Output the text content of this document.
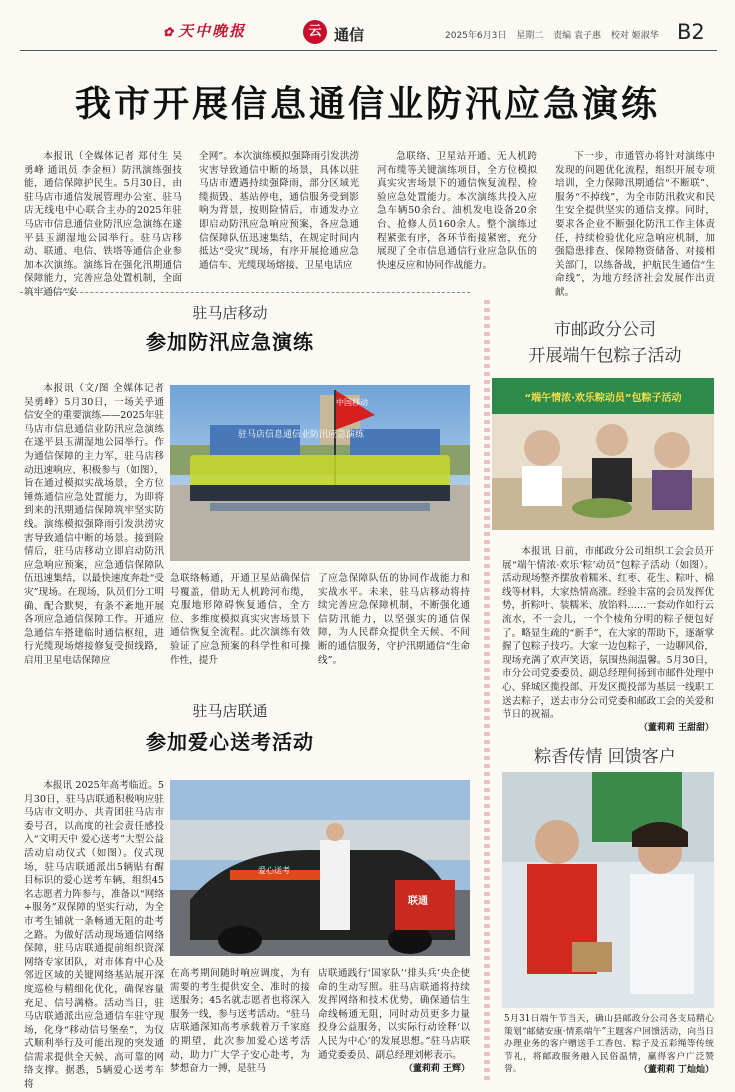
✿ 天中晚报	云 通信	2025年6月3日 星期二 责编 袁子惠 校对 姬淑华 B2
我市开展信息通信业防汛应急演练

本报讯（全媒体记者 郑付生 吴勇峰 通讯员 李金桓）防汛演练强技能，通信保障护民生。5月30日，由驻马店市通信发展管理办公室、驻马店无线电中心联合主办的2025年驻马店市信息通信业防汛应急演练在遂平县玉湖湿地公园举行。驻马店移动、联通、电信、铁塔等通信企业参加本次演练。演练旨在强化汛期通信保障能力，完善应急处置机制，全面筑牢通信“安

全网”。本次演练模拟强降雨引发洪涝灾害导致通信中断的场景，具体以驻马店市遭遇持续强降雨，部分区域光缆损毁、基站停电，通信服务受到影响为背景，按则险情后，市通发办立即启动防汛应急响应预案，各应急通信保障队伍迅速集结，在规定时间内抵达“受灾”现场，有序开展抢通应急通信车、光缆现场熔接、卫星电话应

急联络、卫星站开通、无人机跨河布缆等关键演练项目，全方位模拟真实灾害场景下的通信恢复流程、检验应急处置能力。本次演练共投入应急车辆50余台、油机发电设备20余台、抢修人员160余人。整个演练过程紧张有序，各环节衔接紧密，充分展现了全市信息通信行业应急队伍的快速反应和协同作战能力。

下一步，市通管办将针对演练中发现的问题优化流程，组织开展专项培训，全力保障汛期通信“不断联”、服务“不掉线”，为全市防汛救灾和民生安全提供坚实的通信支撑。同时，要求各企业不断强化防汛工作主体责任，持续检验优化应急响应机制，加强隐患排查、保障物资储备、对接相关部门，以练备战，护航民生通信“生命线”，为地方经济社会发展作出贡献。

驻马店移动
参加防汛应急演练

本报讯（文/图 全媒体记者 吴勇峰）5月30日，一场关乎通信安全的重要演练——2025年驻马店市信息通信业防汛应急演练在遂平县玉湖湿地公园举行。作为通信保障的主力军，驻马店移动迅速响应、积极参与（如图），旨在通过模拟实战场景，全方位锤炼通信应急处置能力，为即将到来的汛期通信保障筑牢坚实防线。演练模拟强降雨引发洪涝灾害导致通信中断的场景。接到险情后，驻马店移动立即启动防汛应急响应预案，应急通信保障队伍迅速集结，以最快速度奔赴“受灾”现场。在现场，队员们分工明确、配合默契，有条不紊地开展各项应急通信保障工作。开通应急通信车搭建临时通信枢纽，进行光缆现场熔接修复受损线路，启用卫星电话保障应

驻马店信息通信业防汛应急演练
中国移动

急联络畅通，开通卫星站确保信号覆盖，借助无人机跨河布缆，克服地形障碍恢复通信，全方位、多维度模拟真实灾害场景下通信恢复全流程。此次演练有效验证了应急预案的科学性和可操作性，提升

了应急保障队伍的协同作战能力和实战水平。未来，驻马店移动将持续完善应急保障机制，不断强化通信防汛能力，以坚强实的通信保障，为人民群众提供全天候、不间断的通信服务，守护汛期通信“生命线”。

驻马店联通
参加爱心送考活动

本报讯 2025年高考临近。5月30日，驻马店联通积极响应驻马店市文明办、共青团驻马店市委号召，以高度的社会责任感投入“文明天中 爱心送考”大型公益活动启动仪式（如图）。仪式现场，驻马店联通派出5辆贴有醒目标识的爱心送考车辆，组织45名志愿者力阵参与，准备以“网络+服务”双保障的坚实行动，为全市考生铺就一条畅通无阻的赴考之路。为做好活动现场通信网络保障，驻马店联通提前组织资深网络专家团队，对市体育中心及邻近区域的关键网络基站展开深度巡检与精细化优化，确保容量充足、信号满格。活动当日，驻马店联通派出应急通信车驻守现场，化身“移动信号堡垒”，为仪式顺利举行及可能出现的突发通信需求提供全天候、高可靠的网络支撑。据悉，5辆爱心送考车将

爱心送考
联通

在高考期间随时响应调度，为有需要的考生提供安全、准时的接送服务；45名就志愿者也将深入服务一线，参与送考活动。“驻马店联通深知高考承载着万千家庭的期望，此次参加爱心送考活动，助力广大学子安心赴考，为梦想奋力一搏，是驻马

店联通践行‘国家队’‘排头兵’央企使命的生动写照。驻马店联通将持续发挥网络和技术优势，确保通信生命线畅通无阻，同时动员更多力量投身公益服务，以实际行动诠释‘以人民为中心’的发展思想。”驻马店联通党委委员、副总经理刘彬表示。

（董莉莉 王辉）
市邮政分公司
开展端午包粽子活动
“端午情浓·欢乐粽动员”包粽子活动

本报讯 日前，市邮政分公司组织工会会员开展“端午情浓·欢乐‘粽’动员”包粽子活动（如图）。活动现场整齐摆放着糯米、红枣、花生、粽叶、棉线等材料，大家热情高涨。经验丰富的会员发挥优势，折粽叶、装糯米、放馅料……一套动作如行云流水，不一会儿，一个个棱角分明的粽子便包好了。略显生疏的“新手”，在大家的帮助下，逐渐掌握了包粽子技巧。大家一边包粽子，一边聊风俗，现场充满了欢声笑语，氛围热闹温馨。5月30日，市分公司党委委员、副总经理何扬到市邮件处理中心、驿城区揽投部、开发区揽投部为基层一线职工送去粽子，送去市分公司党委和邮政工会的关爱和节日的祝福。

（董莉莉 王甜甜）
粽香传情 回馈客户
5月31日端午节当天，确山县邮政分公司各支局精心策划“邮储安康·情系端午”主题客户回馈活动，向当日办理业务的客户赠送手工香包、粽子及五彩绳等传统节礼，将邮政服务融入民俗温情，赢得客户广泛赞誉。	（董莉莉 丁灿灿）
